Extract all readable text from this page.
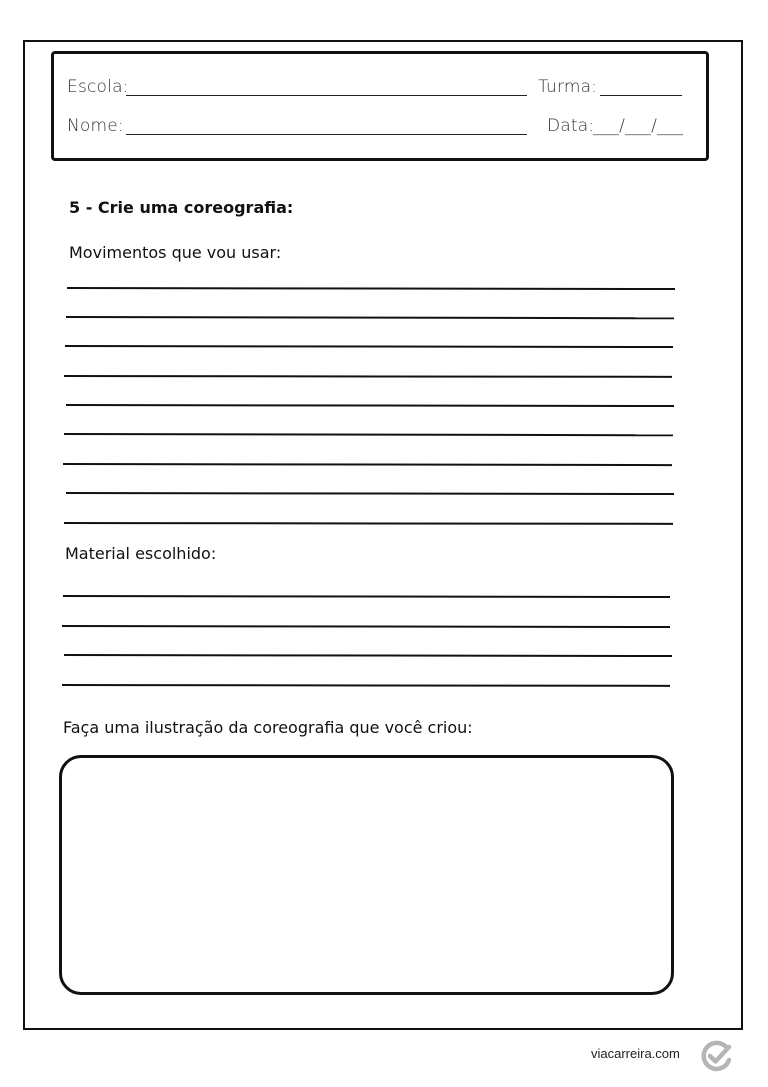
Escola:	Turma:
Nome:	Data:
___/___/___
5 - Crie uma coreografia:
Movimentos que vou usar:
Material escolhido:
Faça uma ilustração da coreografia que você criou:
viacarreira.com
